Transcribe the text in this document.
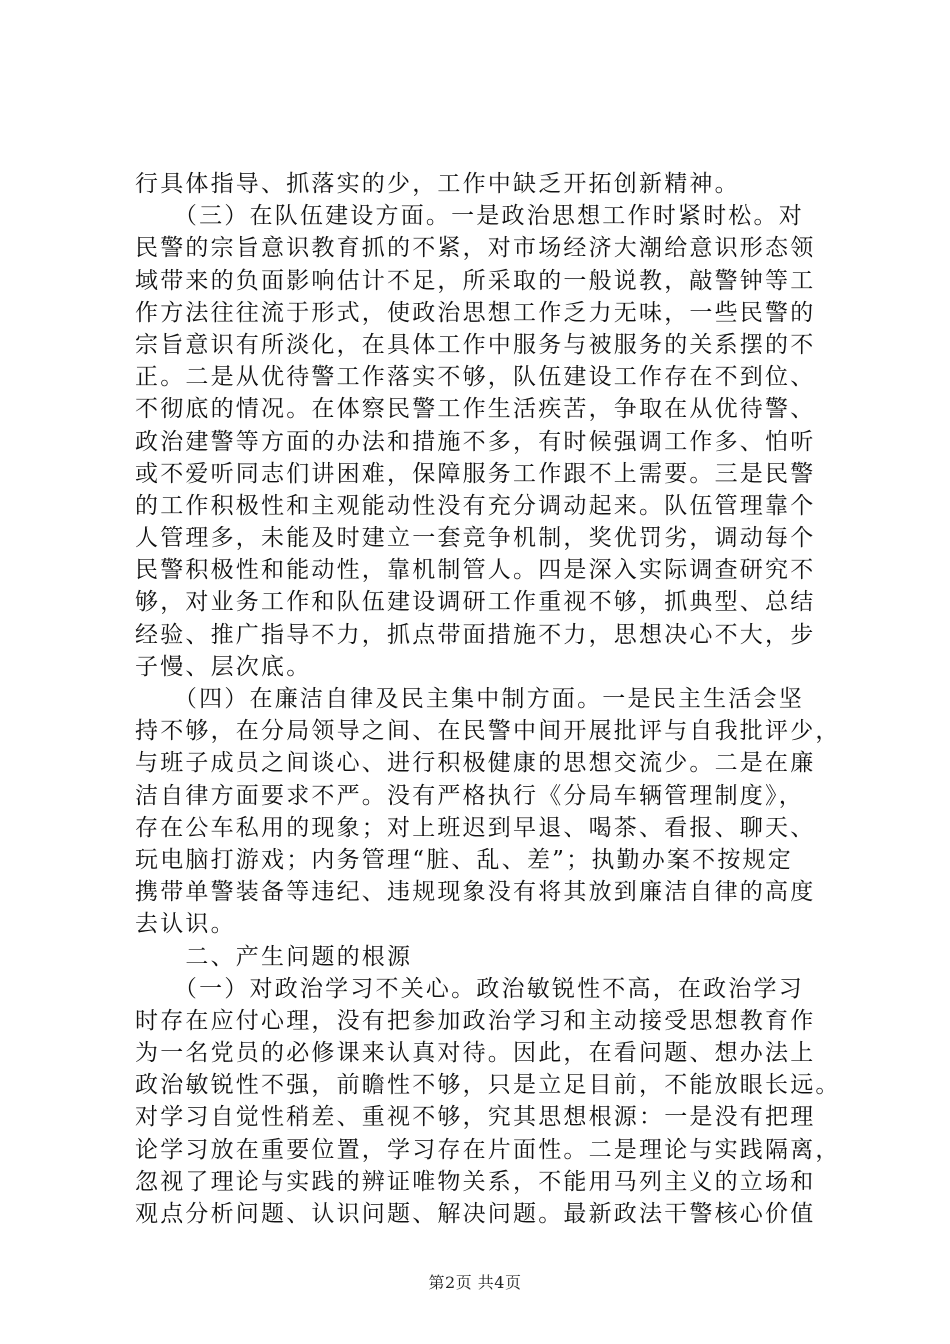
行具体指导、抓落实的少，工作中缺乏开拓创新精神。
　　（三）在队伍建设方面。一是政治思想工作时紧时松。对
民警的宗旨意识教育抓的不紧，对市场经济大潮给意识形态领
域带来的负面影响估计不足，所采取的一般说教，敲警钟等工
作方法往往流于形式，使政治思想工作乏力无味，一些民警的
宗旨意识有所淡化，在具体工作中服务与被服务的关系摆的不
正。二是从优待警工作落实不够，队伍建设工作存在不到位、
不彻底的情况。在体察民警工作生活疾苦，争取在从优待警、
政治建警等方面的办法和措施不多，有时候强调工作多、怕听
或不爱听同志们讲困难，保障服务工作跟不上需要。三是民警
的工作积极性和主观能动性没有充分调动起来。队伍管理靠个
人管理多，未能及时建立一套竞争机制，奖优罚劣，调动每个
民警积极性和能动性，靠机制管人。四是深入实际调查研究不
够，对业务工作和队伍建设调研工作重视不够，抓典型、总结
经验、推广指导不力，抓点带面措施不力，思想决心不大，步
子慢、层次底。
　　（四）在廉洁自律及民主集中制方面。一是民主生活会坚
持不够，在分局领导之间、在民警中间开展批评与自我批评少，
与班子成员之间谈心、进行积极健康的思想交流少。二是在廉
洁自律方面要求不严。没有严格执行《分局车辆管理制度》，
存在公车私用的现象；对上班迟到早退、喝茶、看报、聊天、
玩电脑打游戏；内务管理“脏、乱、差”；执勤办案不按规定
携带单警装备等违纪、违规现象没有将其放到廉洁自律的高度
去认识。
　　二、产生问题的根源
　　（一）对政治学习不关心。政治敏锐性不高，在政治学习
时存在应付心理，没有把参加政治学习和主动接受思想教育作
为一名党员的必修课来认真对待。因此，在看问题、想办法上
政治敏锐性不强，前瞻性不够，只是立足目前，不能放眼长远。
对学习自觉性稍差、重视不够，究其思想根源：一是没有把理
论学习放在重要位置，学习存在片面性。二是理论与实践隔离，
忽视了理论与实践的辨证唯物关系，不能用马列主义的立场和
观点分析问题、认识问题、解决问题。最新政法干警核心价值
第2页 共4页
